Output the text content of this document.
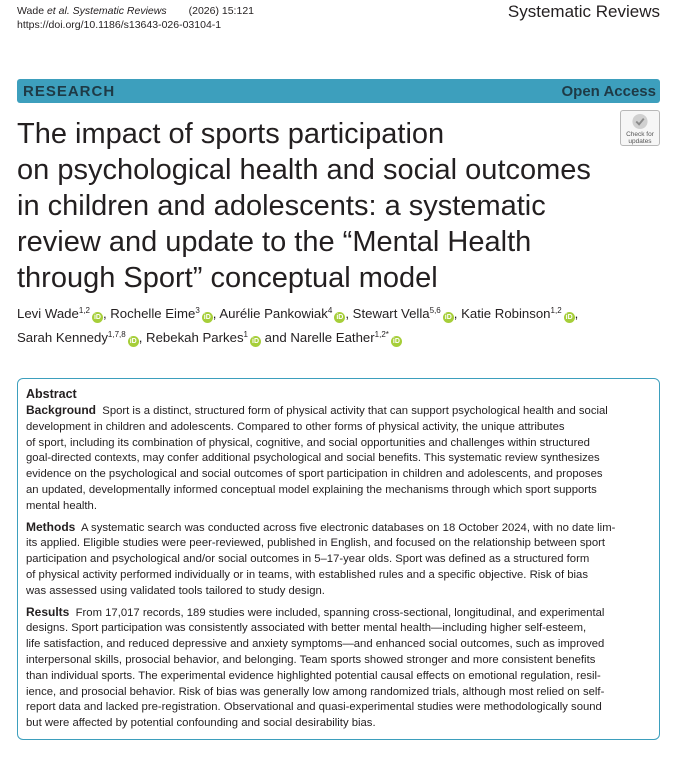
Wade et al. Systematic Reviews (2026) 15:121
https://doi.org/10.1186/s13643-026-03104-1
Systematic Reviews
RESEARCH	Open Access
Check for
updates
The impact of sports participation
on psychological health and social outcomes
in children and adolescents: a systematic
review and update to the “Mental Health
through Sport” conceptual model
Levi Wade$^{1,2}$iD , Rochelle Eime$^3$iD , Aurélie Pankowiak$^4$iD , Stewart Vella$^{5,6}$iD , Katie Robinson$^{1,2}$iD ,
Sarah Kennedy$^{1,7,8}$iD , Rebekah Parkes$^1$iD and Narelle Eather$^{1,2*}$iD
Abstract
Background Sport is a distinct, structured form of physical activity that can support psychological health and social
development in children and adolescents. Compared to other forms of physical activity, the unique attributes
of sport, including its combination of physical, cognitive, and social opportunities and challenges within structured
goal-directed contexts, may confer additional psychological and social benefits. This systematic review synthesizes
evidence on the psychological and social outcomes of sport participation in children and adolescents, and proposes
an updated, developmentally informed conceptual model explaining the mechanisms through which sport supports
mental health.
Methods A systematic search was conducted across five electronic databases on 18 October 2024, with no date lim-
its applied. Eligible studies were peer-reviewed, published in English, and focused on the relationship between sport
participation and psychological and/or social outcomes in 5–17-year olds. Sport was defined as a structured form
of physical activity performed individually or in teams, with established rules and a specific objective. Risk of bias
was assessed using validated tools tailored to study design.
Results From 17,017 records, 189 studies were included, spanning cross-sectional, longitudinal, and experimental
designs. Sport participation was consistently associated with better mental health—including higher self-esteem,
life satisfaction, and reduced depressive and anxiety symptoms—and enhanced social outcomes, such as improved
interpersonal skills, prosocial behavior, and belonging. Team sports showed stronger and more consistent benefits
than individual sports. The experimental evidence highlighted potential causal effects on emotional regulation, resil-
ience, and prosocial behavior. Risk of bias was generally low among randomized trials, although most relied on self-
report data and lacked pre-registration. Observational and quasi-experimental studies were methodologically sound
but were affected by potential confounding and social desirability bias.
